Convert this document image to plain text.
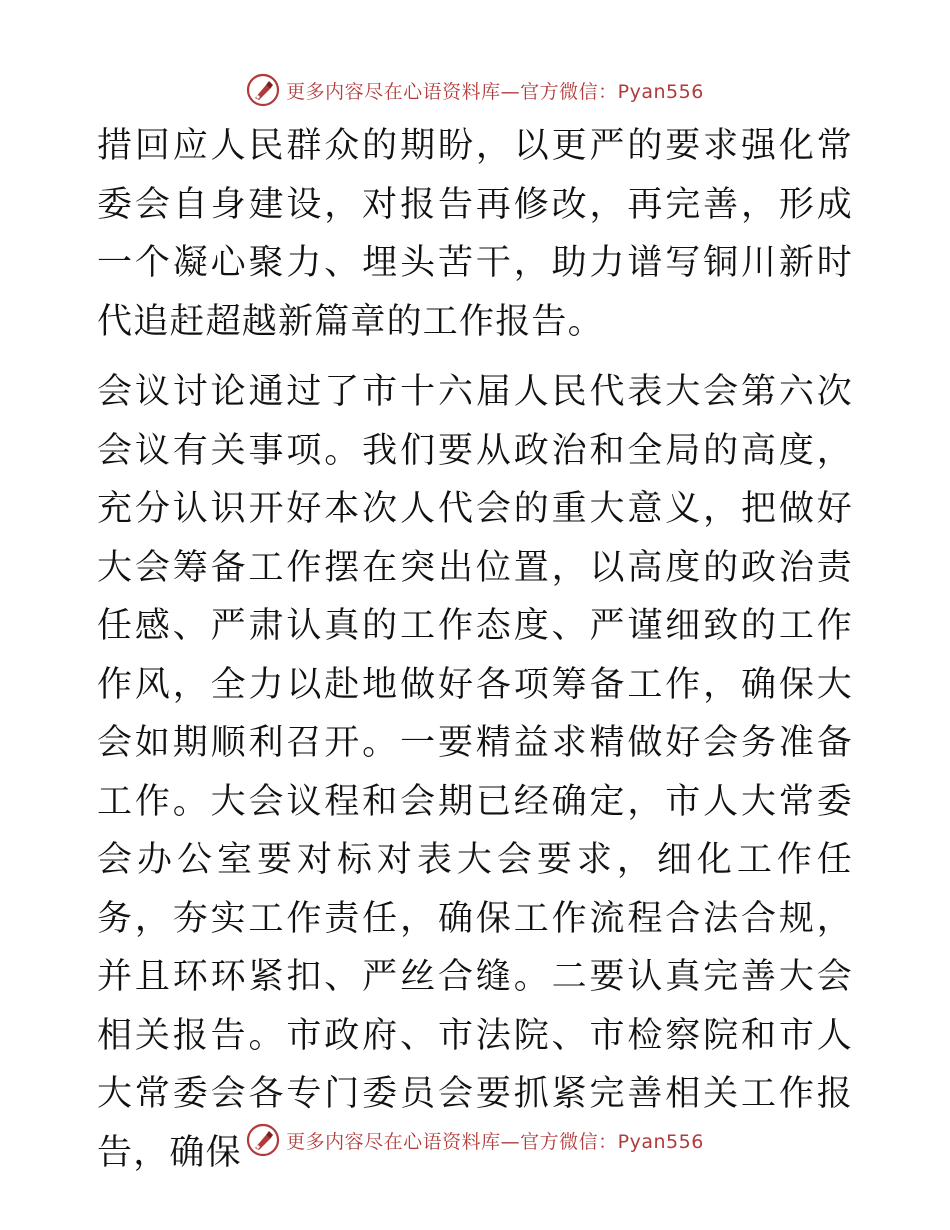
更多内容尽在心语资料库—官方微信：Pyan556

措回应人民群众的期盼，以更严的要求强化常委会自身建设，对报告再修改，再完善，形成一个凝心聚力、埋头苦干，助力谱写铜川新时代追赶超越新篇章的工作报告。

会议讨论通过了市十六届人民代表大会第六次会议有关事项。我们要从政治和全局的高度，充分认识开好本次人代会的重大意义，把做好大会筹备工作摆在突出位置，以高度的政治责任感、严肃认真的工作态度、严谨细致的工作作风，全力以赴地做好各项筹备工作，确保大会如期顺利召开。一要精益求精做好会务准备工作。大会议程和会期已经确定，市人大常委会办公室要对标对表大会要求，细化工作任务，夯实工作责任，确保工作流程合法合规，并且环环紧扣、严丝合缝。二要认真完善大会相关报告。市政府、市法院、市检察院和市人大常委会各专门委员会要抓紧完善相关工作报告，确保	更多内容尽在心语资料库—官方微信：Pyan556
